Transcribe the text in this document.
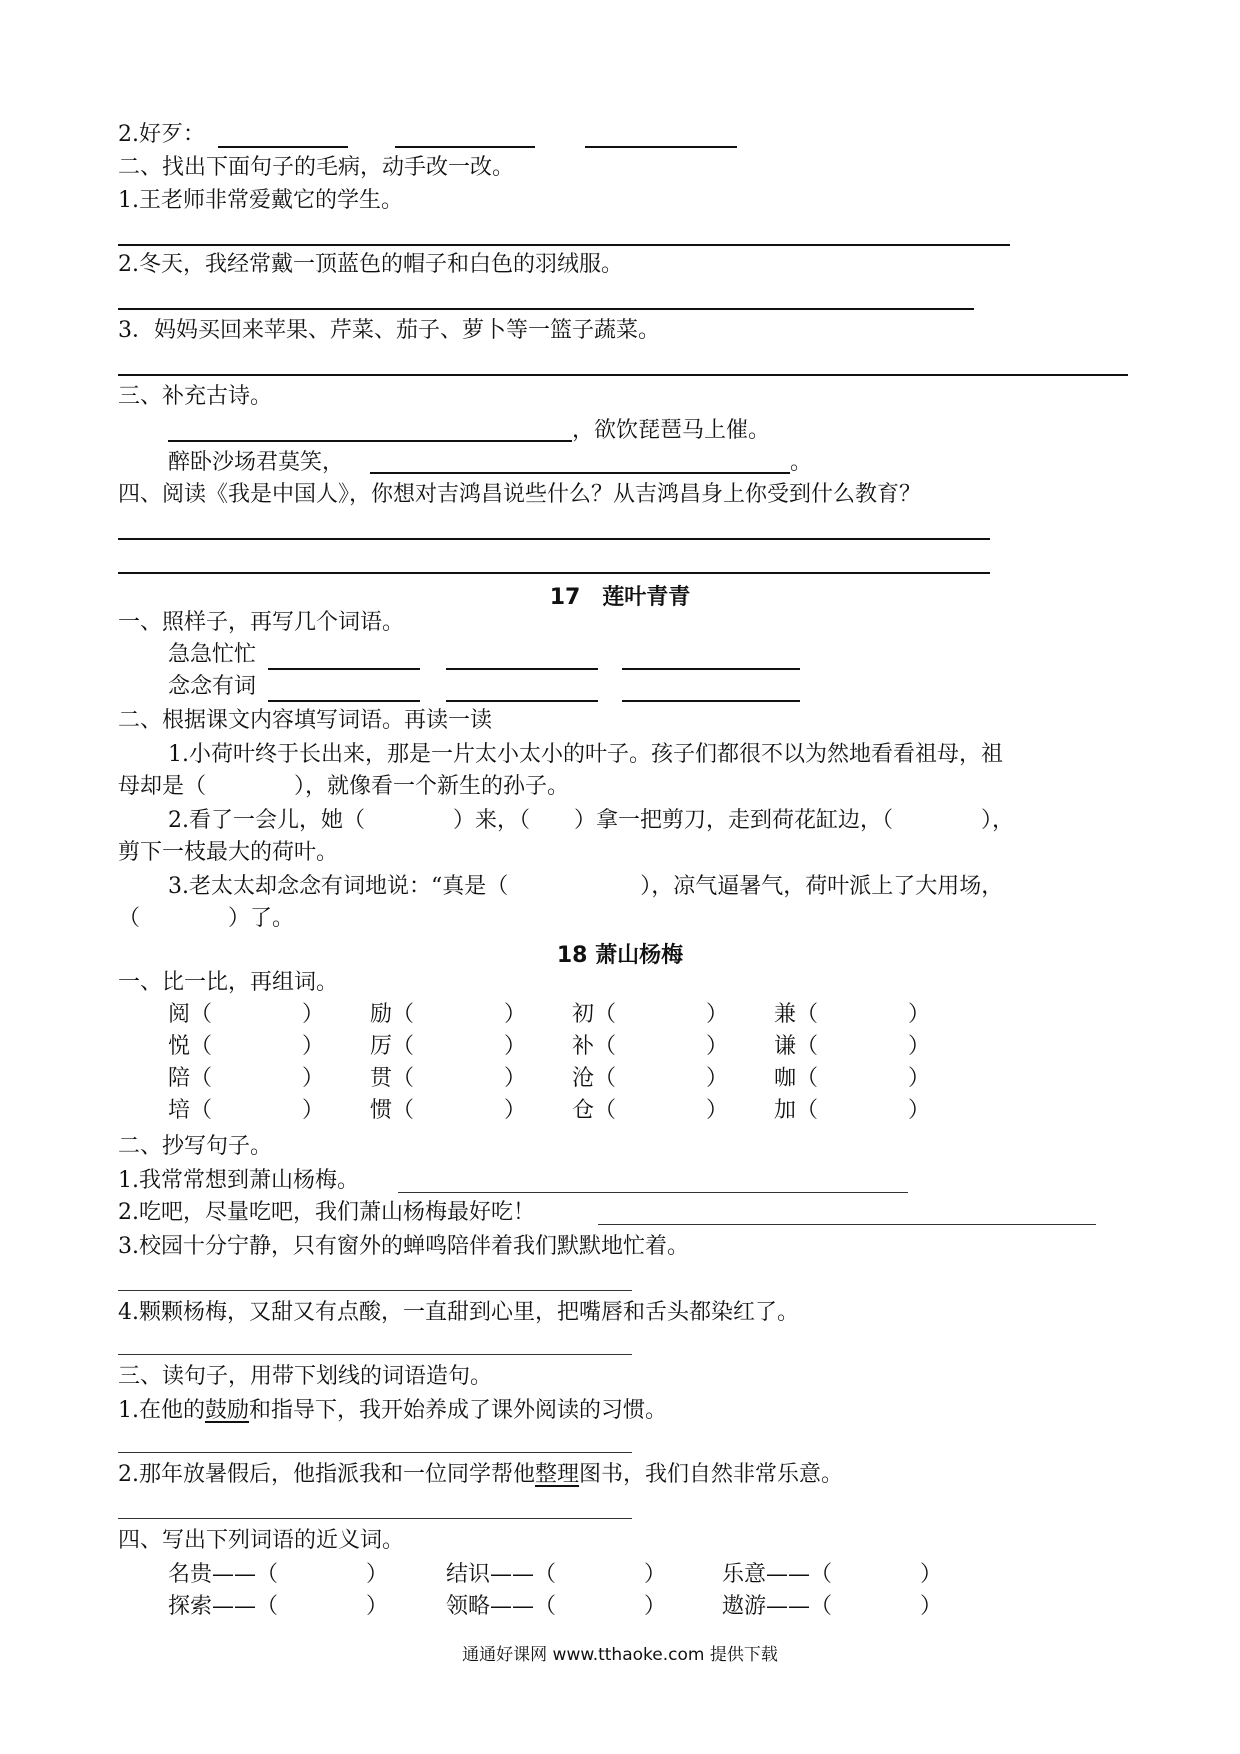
2.好歹：
二、找出下面句子的毛病，动手改一改。
1.王老师非常爱戴它的学生。
2.冬天，我经常戴一顶蓝色的帽子和白色的羽绒服。
3．妈妈买回来苹果、芹菜、茄子、萝卜等一篮子蔬菜。
三、补充古诗。
，欲饮琵琶马上催。
醉卧沙场君莫笑，	。
四、阅读《我是中国人》，你想对吉鸿昌说些什么？从吉鸿昌身上你受到什么教育？
17　莲叶青青
一、照样子，再写几个词语。
急急忙忙
念念有词
二、根据课文内容填写词语。再读一读
1.小荷叶终于长出来，那是一片太小太小的叶子。孩子们都很不以为然地看看祖母，祖
母却是（　　　　），就像看一个新生的孙子。
2.看了一会儿，她（　　　　）来，（　　）拿一把剪刀，走到荷花缸边，（　　　　），
剪下一枝最大的荷叶。
3.老太太却念念有词地说：“真是（　　　　　　），凉气逼暑气，荷叶派上了大用场，
（　　　　）了。
18 萧山杨梅
一、比一比，再组词。
阅（	） 励（	） 初（	） 兼（	）
悦（	） 厉（	） 补（	） 谦（	）
陪（	） 贯（	） 沧（	） 咖（	）
培（	） 惯（	） 仓（	） 加（	）
二、抄写句子。
1.我常常想到萧山杨梅。
2.吃吧，尽量吃吧，我们萧山杨梅最好吃！
3.校园十分宁静，只有窗外的蝉鸣陪伴着我们默默地忙着。
4.颗颗杨梅，又甜又有点酸，一直甜到心里，把嘴唇和舌头都染红了。
三、读句子，用带下划线的词语造句。
1.在他的鼓励和指导下，我开始养成了课外阅读的习惯。
2.那年放暑假后，他指派我和一位同学帮他整理图书，我们自然非常乐意。
四、写出下列词语的近义词。
名贵——（　　　　）	结识——（　　　　）	乐意——（　　　　）
探索——（　　　　）	领略——（　　　　）	遨游——（　　　　）
通通好课网 www.tthaoke.com 提供下载
